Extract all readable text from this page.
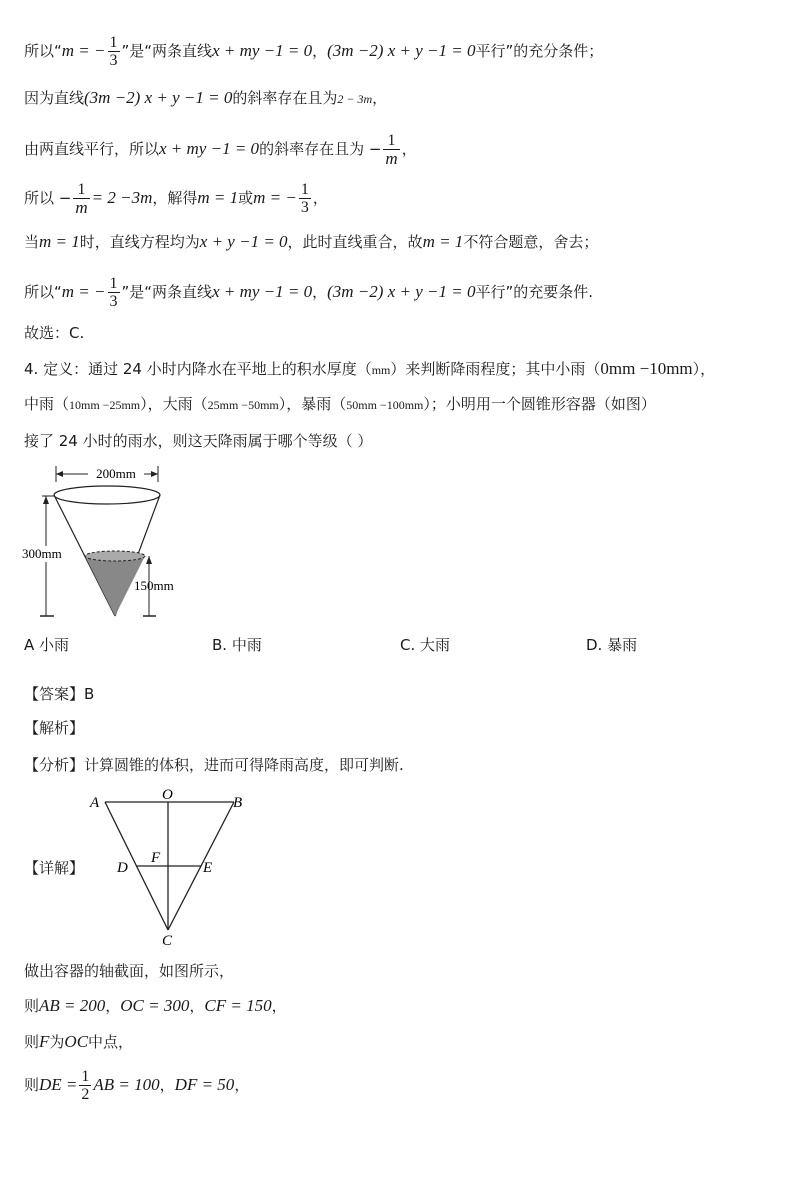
所以“m = − $\frac{1}{3}$ ”是“两条直线x + my −1 = 0，(3m −2) x + y −1 = 0平行”的充分条件；
因为直线(3m −2) x + y −1 = 0的斜率存在且为2 − 3m，
由两直线平行，所以x + my −1 = 0的斜率存在且为 − $\frac{1}{m}$ ，
所以 − $\frac{1}{m} = 2 -3m$，解得m = 1或m = − $\frac{1}{3}$ ，
当m = 1时，直线方程均为x + y −1 = 0，此时直线重合，故m = 1不符合题意，舍去；
所以“m = − $\frac{1}{3}$ ”是“两条直线x + my −1 = 0，(3m −2) x + y −1 = 0平行”的充要条件.
故选：C.
4. 定义：通过 24 小时内降水在平地上的积水厚度（mm）来判断降雨程度；其中小雨（0mm −10mm），
中雨（10mm −25mm），大雨（25mm −50mm），暴雨（50mm −100mm）；小明用一个圆锥形容器（如图）
接了 24 小时的雨水，则这天降雨属于哪个等级（ ）
200mm
300mm
150mm
A 小雨	B. 中雨	C. 大雨	D. 暴雨
【答案】B
【解析】
【分析】计算圆锥的体积，进而可得降雨高度，即可判断.
【详解】
A	O	B
D
F
E
C
做出容器的轴截面，如图所示，
则AB = 200，OC = 300，CF = 150，
则F为OC中点，
则DE = $\frac{1}{2}$ AB = 100，DF = 50，
